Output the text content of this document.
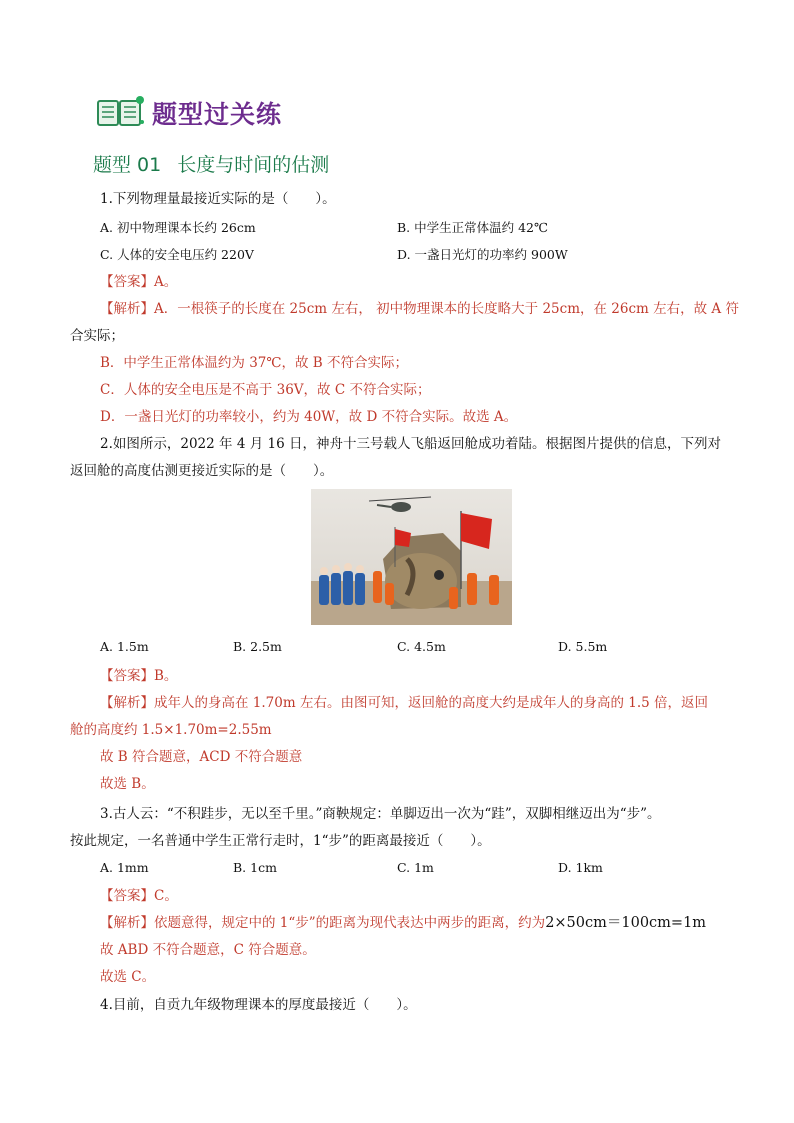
题型过关练
题型 01 长度与时间的估测
1.下列物理量最接近实际的是（　　）。
A. 初中物理课本长约 26cm	B. 中学生正常体温约 42℃
C. 人体的安全电压约 220V	D. 一盏日光灯的功率约 900W
【答案】A。
【解析】A．一根筷子的长度在 25cm 左右， 初中物理课本的长度略大于 25cm，在 26cm 左右，故 A 符
合实际；
B．中学生正常体温约为 37℃，故 B 不符合实际；
C．人体的安全电压是不高于 36V，故 C 不符合实际；
D．一盏日光灯的功率较小，约为 40W，故 D 不符合实际。故选 A。
2.如图所示，2022 年 4 月 16 日，神舟十三号载人飞船返回舱成功着陆。根据图片提供的信息，下列对
返回舱的高度估测更接近实际的是（　　）。
A. 1.5m	B. 2.5m	C. 4.5m	D. 5.5m
【答案】B。
【解析】成年人的身高在 1.70m 左右。由图可知，返回舱的高度大约是成年人的身高的 1.5 倍，返回
舱的高度约 1.5×1.70m=2.55m
故 B 符合题意，ACD 不符合题意
故选 B。
3.古人云：“不积跬步，无以至千里。”商鞅规定：单脚迈出一次为“跬”，双脚相继迈出为“步”。
按此规定，一名普通中学生正常行走时，1“步”的距离最接近（　　）。
A. 1mm	B. 1cm	C. 1m	D. 1km
【答案】C。
【解析】依题意得，规定中的 1“步”的距离为现代表达中两步的距离，约为2×50cm＝100cm=1m
故 ABD 不符合题意，C 符合题意。
故选 C。
4.目前，自贡九年级物理课本的厚度最接近（　　）。
